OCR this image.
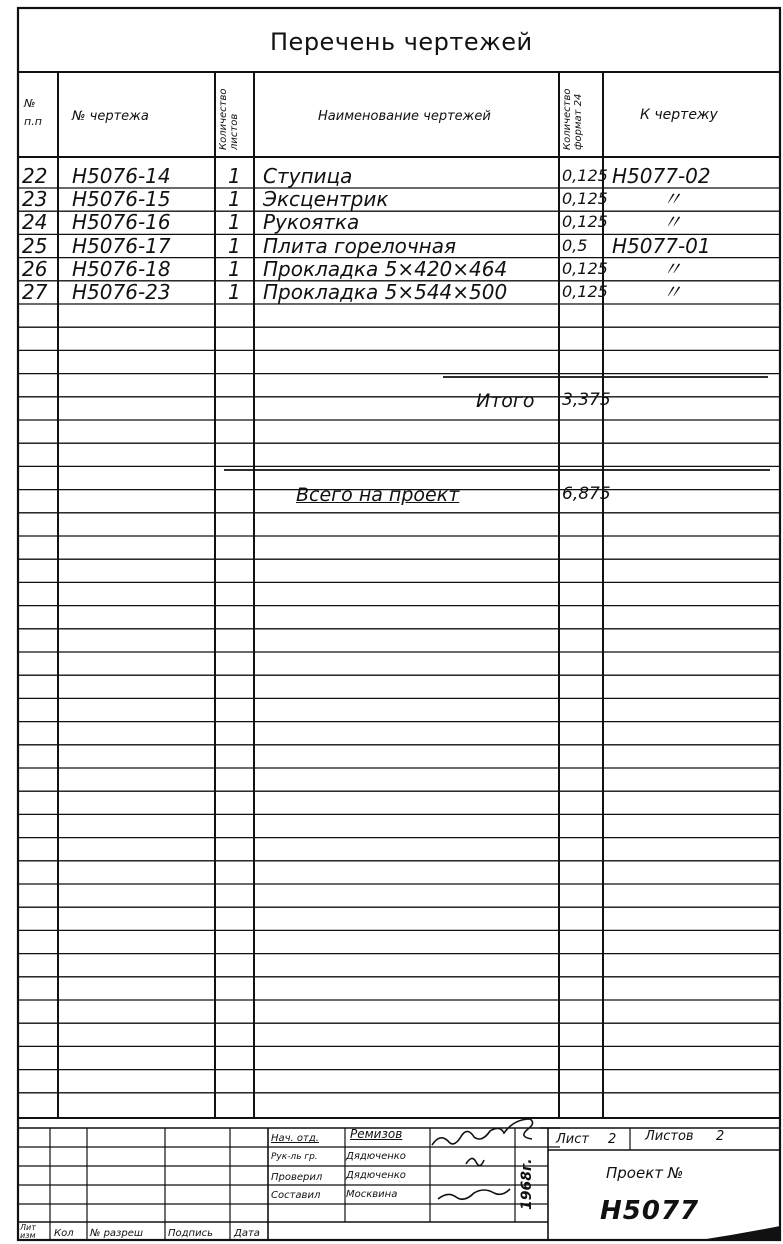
Перечень чертежей
№
п.п	№ чертежа	Количество листов	Наименование чертежей	Количество формат 24	К чертежу
22 Н5076-14	1 Ступица	0,125 Н5077-02
23 Н5076-15	1 Эксцентрик	0,125	〃
24 Н5076-16	1 Рукоятка	0,125	〃
25 Н5076-17	1 Плита горелочная	0,5 Н5077-01
26 Н5076-18	1 Прокладка 5×420×464	0,125	〃
27 Н5076-23	1 Прокладка 5×544×500	0,125	〃
Итого 3,375
Всего на проект	6,875
Нач. отд.	Ремизов
Рук-ль гр.	Дядюченко
Проверил Дядюченко
Составил	Москвина	1968г.
Лист 2 Листов 2
Проект №
Н5077
Лит изм	Кол № разреш Подпись Дата
